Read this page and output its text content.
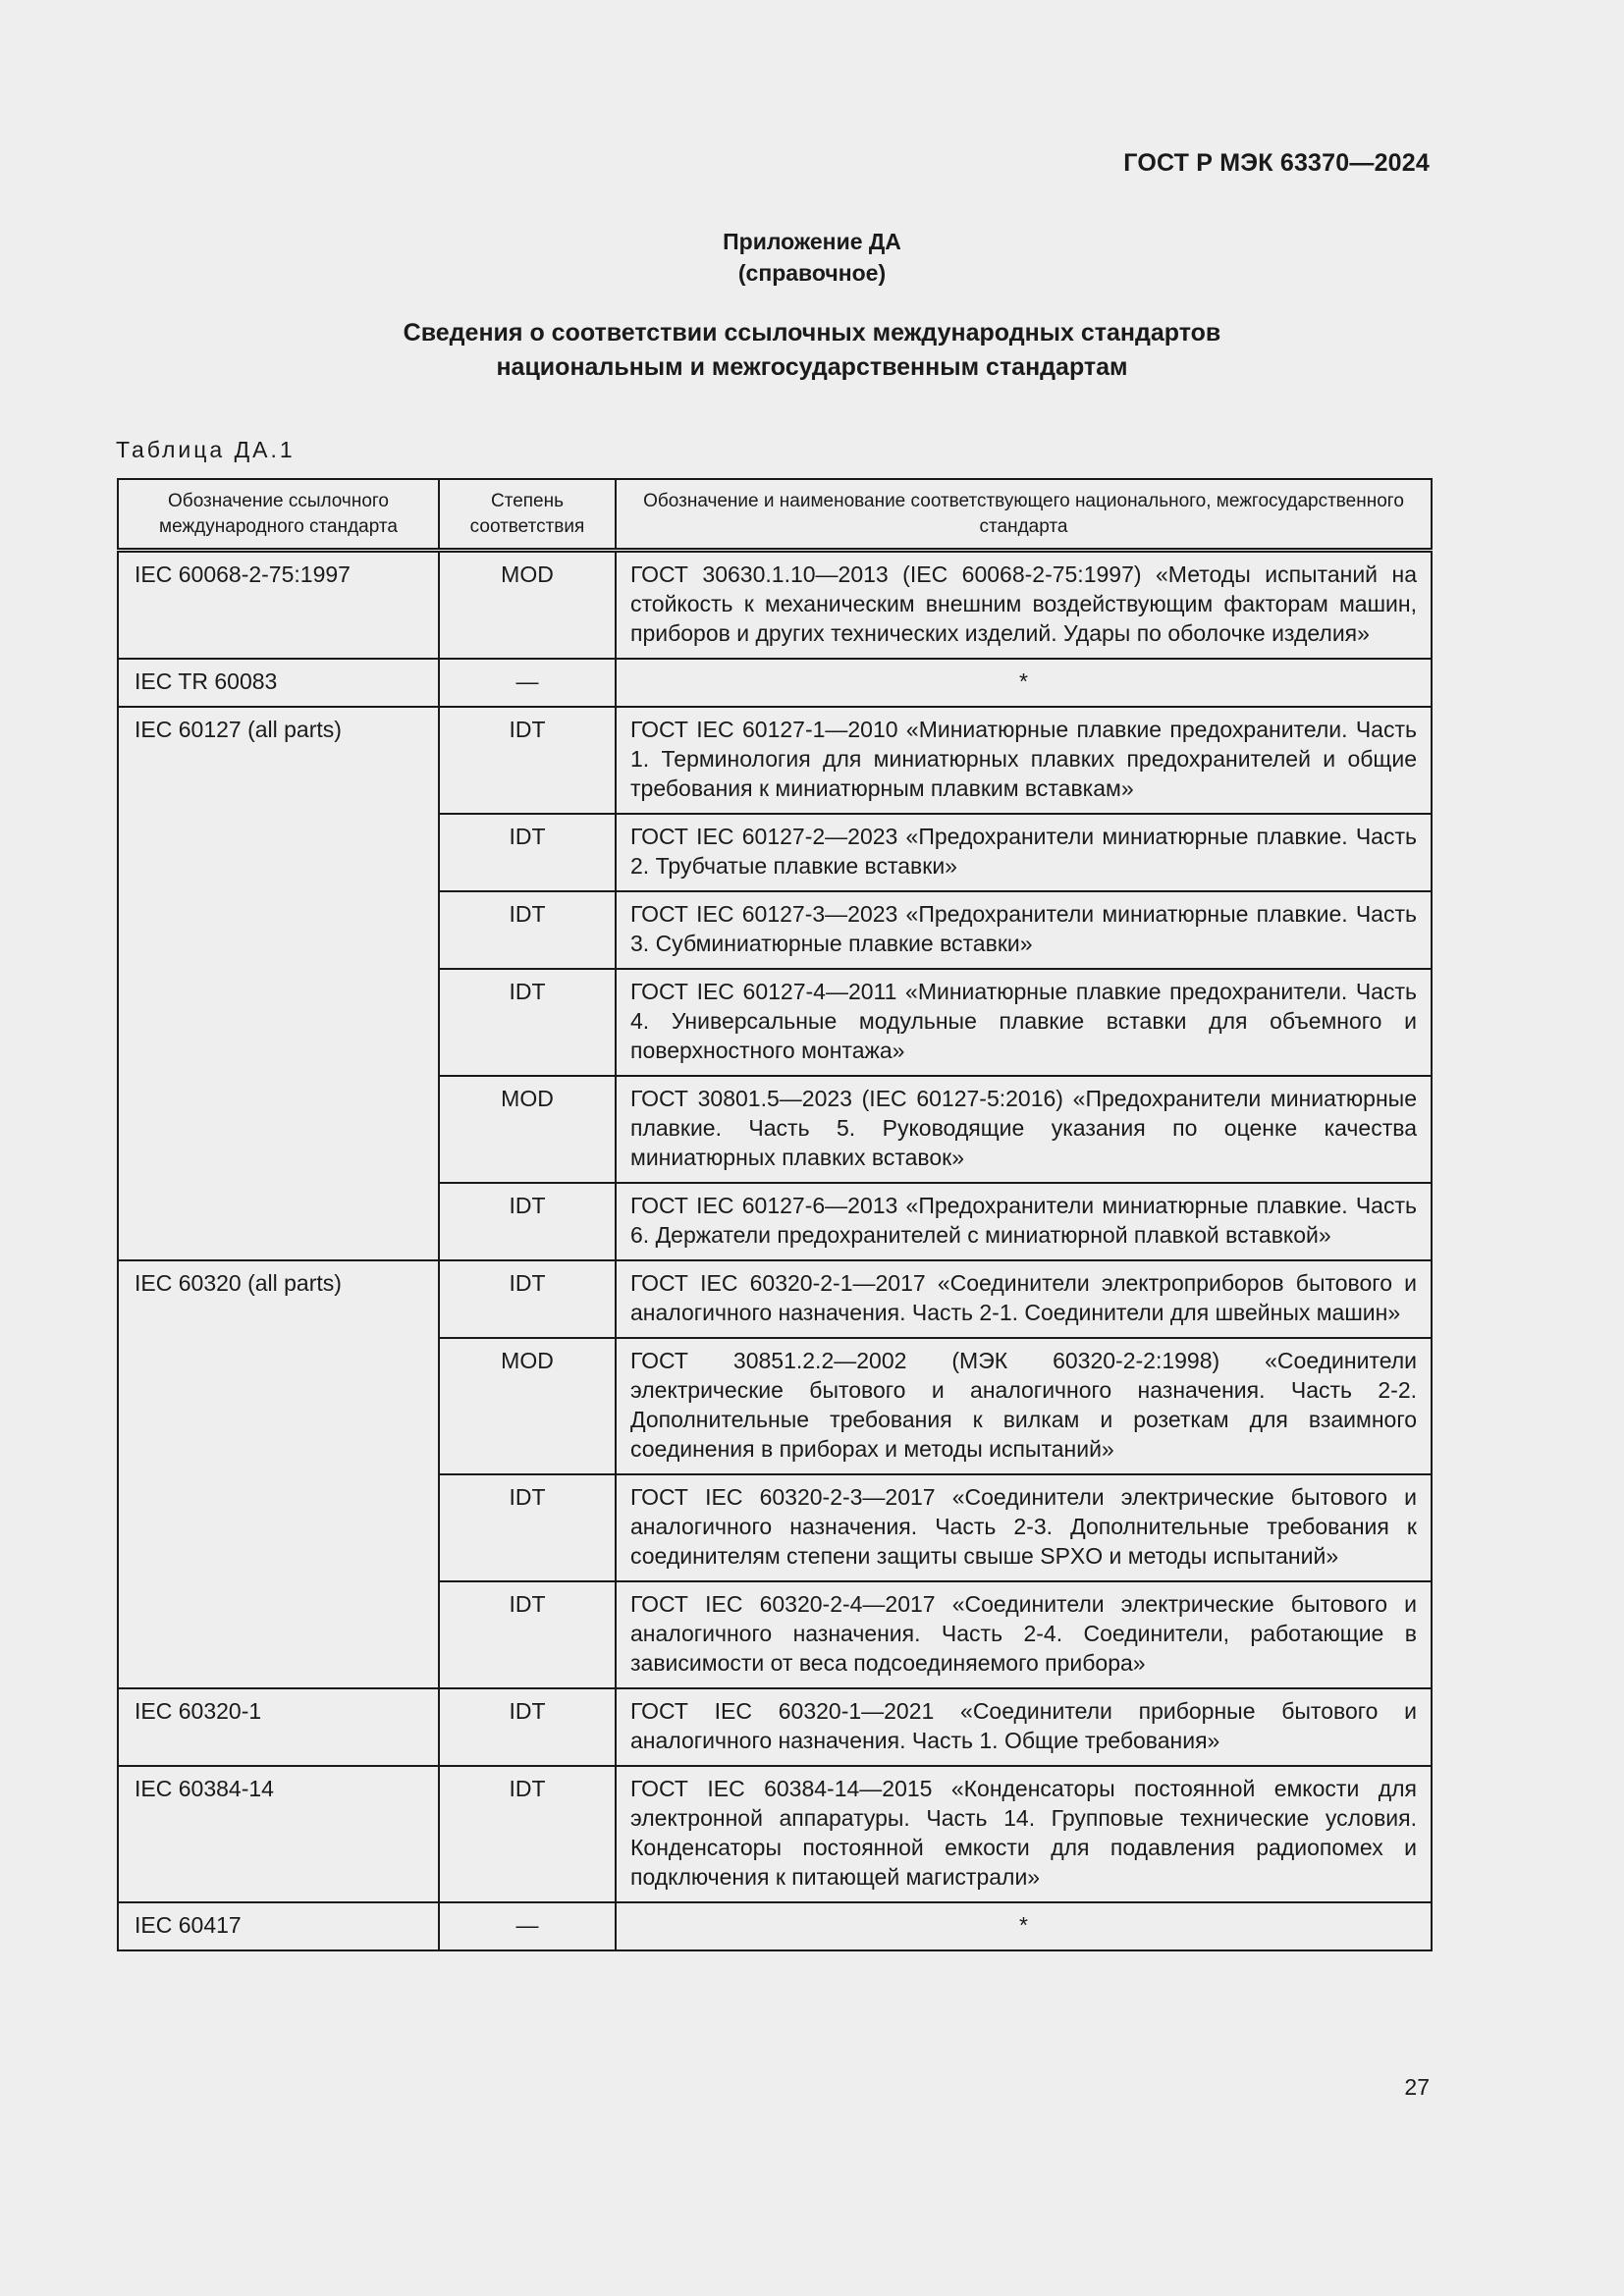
ГОСТ Р МЭК 63370—2024
Приложение ДА
(справочное)
Сведения о соответствии ссылочных международных стандартов
национальным и межгосударственным стандартам
Таблица ДА.1
Обозначение ссылочного международного стандарта	Степень соответствия	Обозначение и наименование соответствующего национального, межгосударственного стандарта
IEC 60068-2-75:1997	MOD	ГОСТ 30630.1.10—2013 (IEC 60068-2-75:1997) «Методы испытаний на стойкость к механическим внешним воздействующим факторам машин, приборов и других технических изделий. Удары по оболочке изделия»
IEC TR 60083	—	*
IEC 60127 (all parts)	IDT	ГОСТ IEC 60127-1—2010 «Миниатюрные плавкие предохранители. Часть 1. Терминология для миниатюрных плавких предохранителей и общие требования к миниатюрным плавким вставкам»
	IDT	ГОСТ IEC 60127-2—2023 «Предохранители миниатюрные плавкие. Часть 2. Трубчатые плавкие вставки»
	IDT	ГОСТ IEC 60127-3—2023 «Предохранители миниатюрные плавкие. Часть 3. Субминиатюрные плавкие вставки»
	IDT	ГОСТ IEC 60127-4—2011 «Миниатюрные плавкие предохранители. Часть 4. Универсальные модульные плавкие вставки для объемного и поверхностного монтажа»
	MOD	ГОСТ 30801.5—2023 (IEC 60127-5:2016) «Предохранители миниатюрные плавкие. Часть 5. Руководящие указания по оценке качества миниатюрных плавких вставок»
	IDT	ГОСТ IEC 60127-6—2013 «Предохранители миниатюрные плавкие. Часть 6. Держатели предохранителей с миниатюрной плавкой вставкой»
IEC 60320 (all parts)	IDT	ГОСТ IEC 60320-2-1—2017 «Соединители электроприборов бытового и аналогичного назначения. Часть 2-1. Соединители для швейных машин»
	MOD	ГОСТ 30851.2.2—2002 (МЭК 60320-2-2:1998) «Соединители электрические бытового и аналогичного назначения. Часть 2-2. Дополнительные требования к вилкам и розеткам для взаимного соединения в приборах и методы испытаний»
	IDT	ГОСТ IEC 60320-2-3—2017 «Соединители электрические бытового и аналогичного назначения. Часть 2-3. Дополнительные требования к соединителям степени защиты свыше SPXO и методы испытаний»
	IDT	ГОСТ IEC 60320-2-4—2017 «Соединители электрические бытового и аналогичного назначения. Часть 2-4. Соединители, работающие в зависимости от веса подсоединяемого прибора»
IEC 60320-1	IDT	ГОСТ IEC 60320-1—2021 «Соединители приборные бытового и аналогичного назначения. Часть 1. Общие требования»
IEC 60384-14	IDT	ГОСТ IEC 60384-14—2015 «Конденсаторы постоянной емкости для электронной аппаратуры. Часть 14. Групповые технические условия. Конденсаторы постоянной емкости для подавления радиопомех и подключения к питающей магистрали»
IEC 60417	—	*
27
